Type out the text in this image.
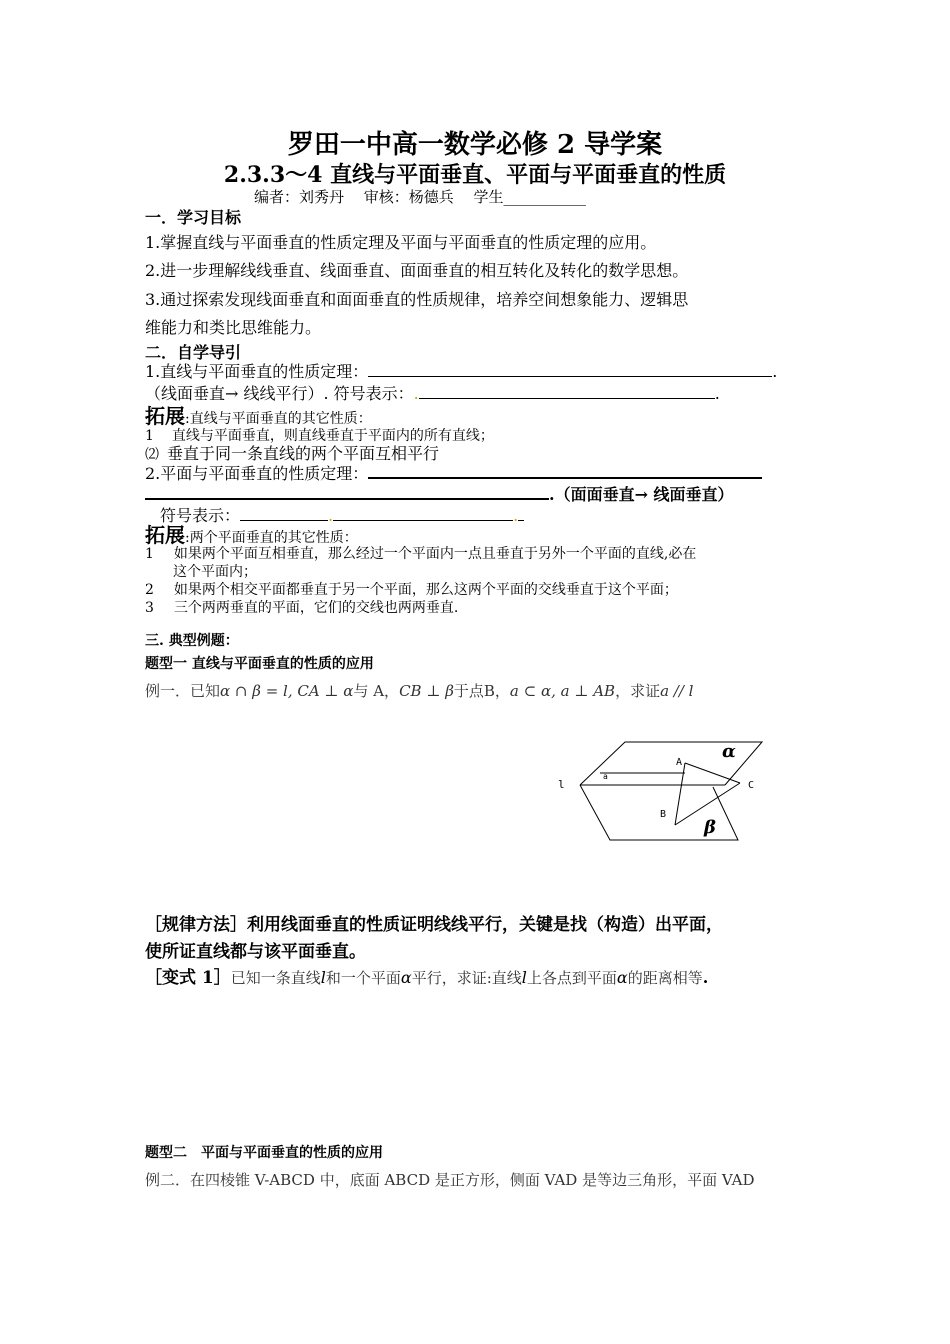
罗田一中高一数学必修 2 导学案
2.3.3～4 直线与平面垂直、平面与平面垂直的性质
编者：刘秀丹　 审核：杨德兵　 学生___________
一．学习目标
1.掌握直线与平面垂直的性质定理及平面与平面垂直的性质定理的应用。
2.进一步理解线线垂直、线面垂直、面面垂直的相互转化及转化的数学思想。
3.通过探索发现线面垂直和面面垂直的性质规律，培养空间想象能力、逻辑思
维能力和类比思维能力。
二．自学导引
1.直线与平面垂直的性质定理：	.
（线面垂直→ 线线平行）. 符号表示：.	.
拓展:直线与平面垂直的其它性质：
1 直线与平面垂直，则直线垂直于平面内的所有直线；
⑵ 垂直于同一条直线的两个平面互相平行
2.平面与平面垂直的性质定理：
.（面面垂直→ 线面垂直）
符号表示：	.	.
拓展:两个平面垂直的其它性质：
1 如果两个平面互相垂直，那么经过一个平面内一点且垂直于另外一个平面的直线,必在
这个平面内；
2 如果两个相交平面都垂直于另一个平面，那么这两个平面的交线垂直于这个平面；
3 三个两两垂直的平面，它们的交线也两两垂直.
三. 典型例题：
题型一 直线与平面垂直的性质的应用
例一．已知α ∩ β = l, CA ⊥ α与 A，CB ⊥ β于点B，a ⊂ α, a ⊥ AB，求证a // l
α
β
l
a
A
B
C
［规律方法］利用线面垂直的性质证明线线平行，关键是找（构造）出平面，
使所证直线都与该平面垂直。
［变式 1］已知一条直线l和一个平面α平行，求证:直线l上各点到平面α的距离相等.
题型二　平面与平面垂直的性质的应用
例二．在四棱锥 V-ABCD 中，底面 ABCD 是正方形，侧面 VAD 是等边三角形，平面 VAD
